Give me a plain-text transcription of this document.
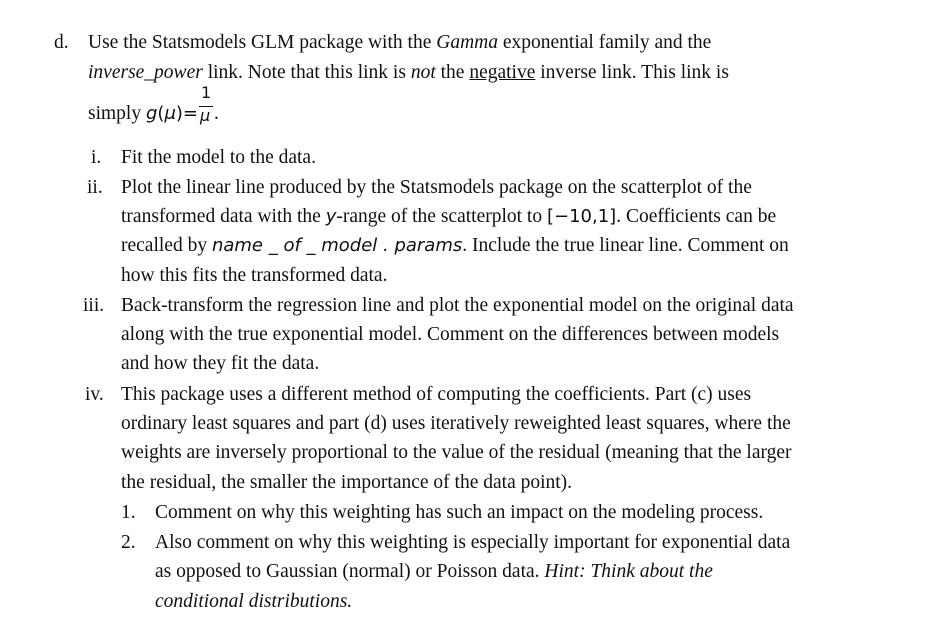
d. Use the Statsmodels GLM package with the Gamma exponential family and the
inverse_power link. Note that this link is not the negative inverse link. This link is
simply $g(\mu)= \frac{1}{\mu}$ .
i. Fit the model to the data.
ii. Plot the linear line produced by the Statsmodels package on the scatterplot of the
transformed data with the y-range of the scatterplot to [−10,1]. Coefficients can be
recalled by name _ of _ model . params. Include the true linear line. Comment on
how this fits the transformed data.
iii. Back-transform the regression line and plot the exponential model on the original data
along with the true exponential model. Comment on the differences between models
and how they fit the data.
iv. This package uses a different method of computing the coefficients. Part (c) uses
ordinary least squares and part (d) uses iteratively reweighted least squares, where the
weights are inversely proportional to the value of the residual (meaning that the larger
the residual, the smaller the importance of the data point).
1. Comment on why this weighting has such an impact on the modeling process.
2. Also comment on why this weighting is especially important for exponential data
as opposed to Gaussian (normal) or Poisson data. Hint: Think about the
conditional distributions.
